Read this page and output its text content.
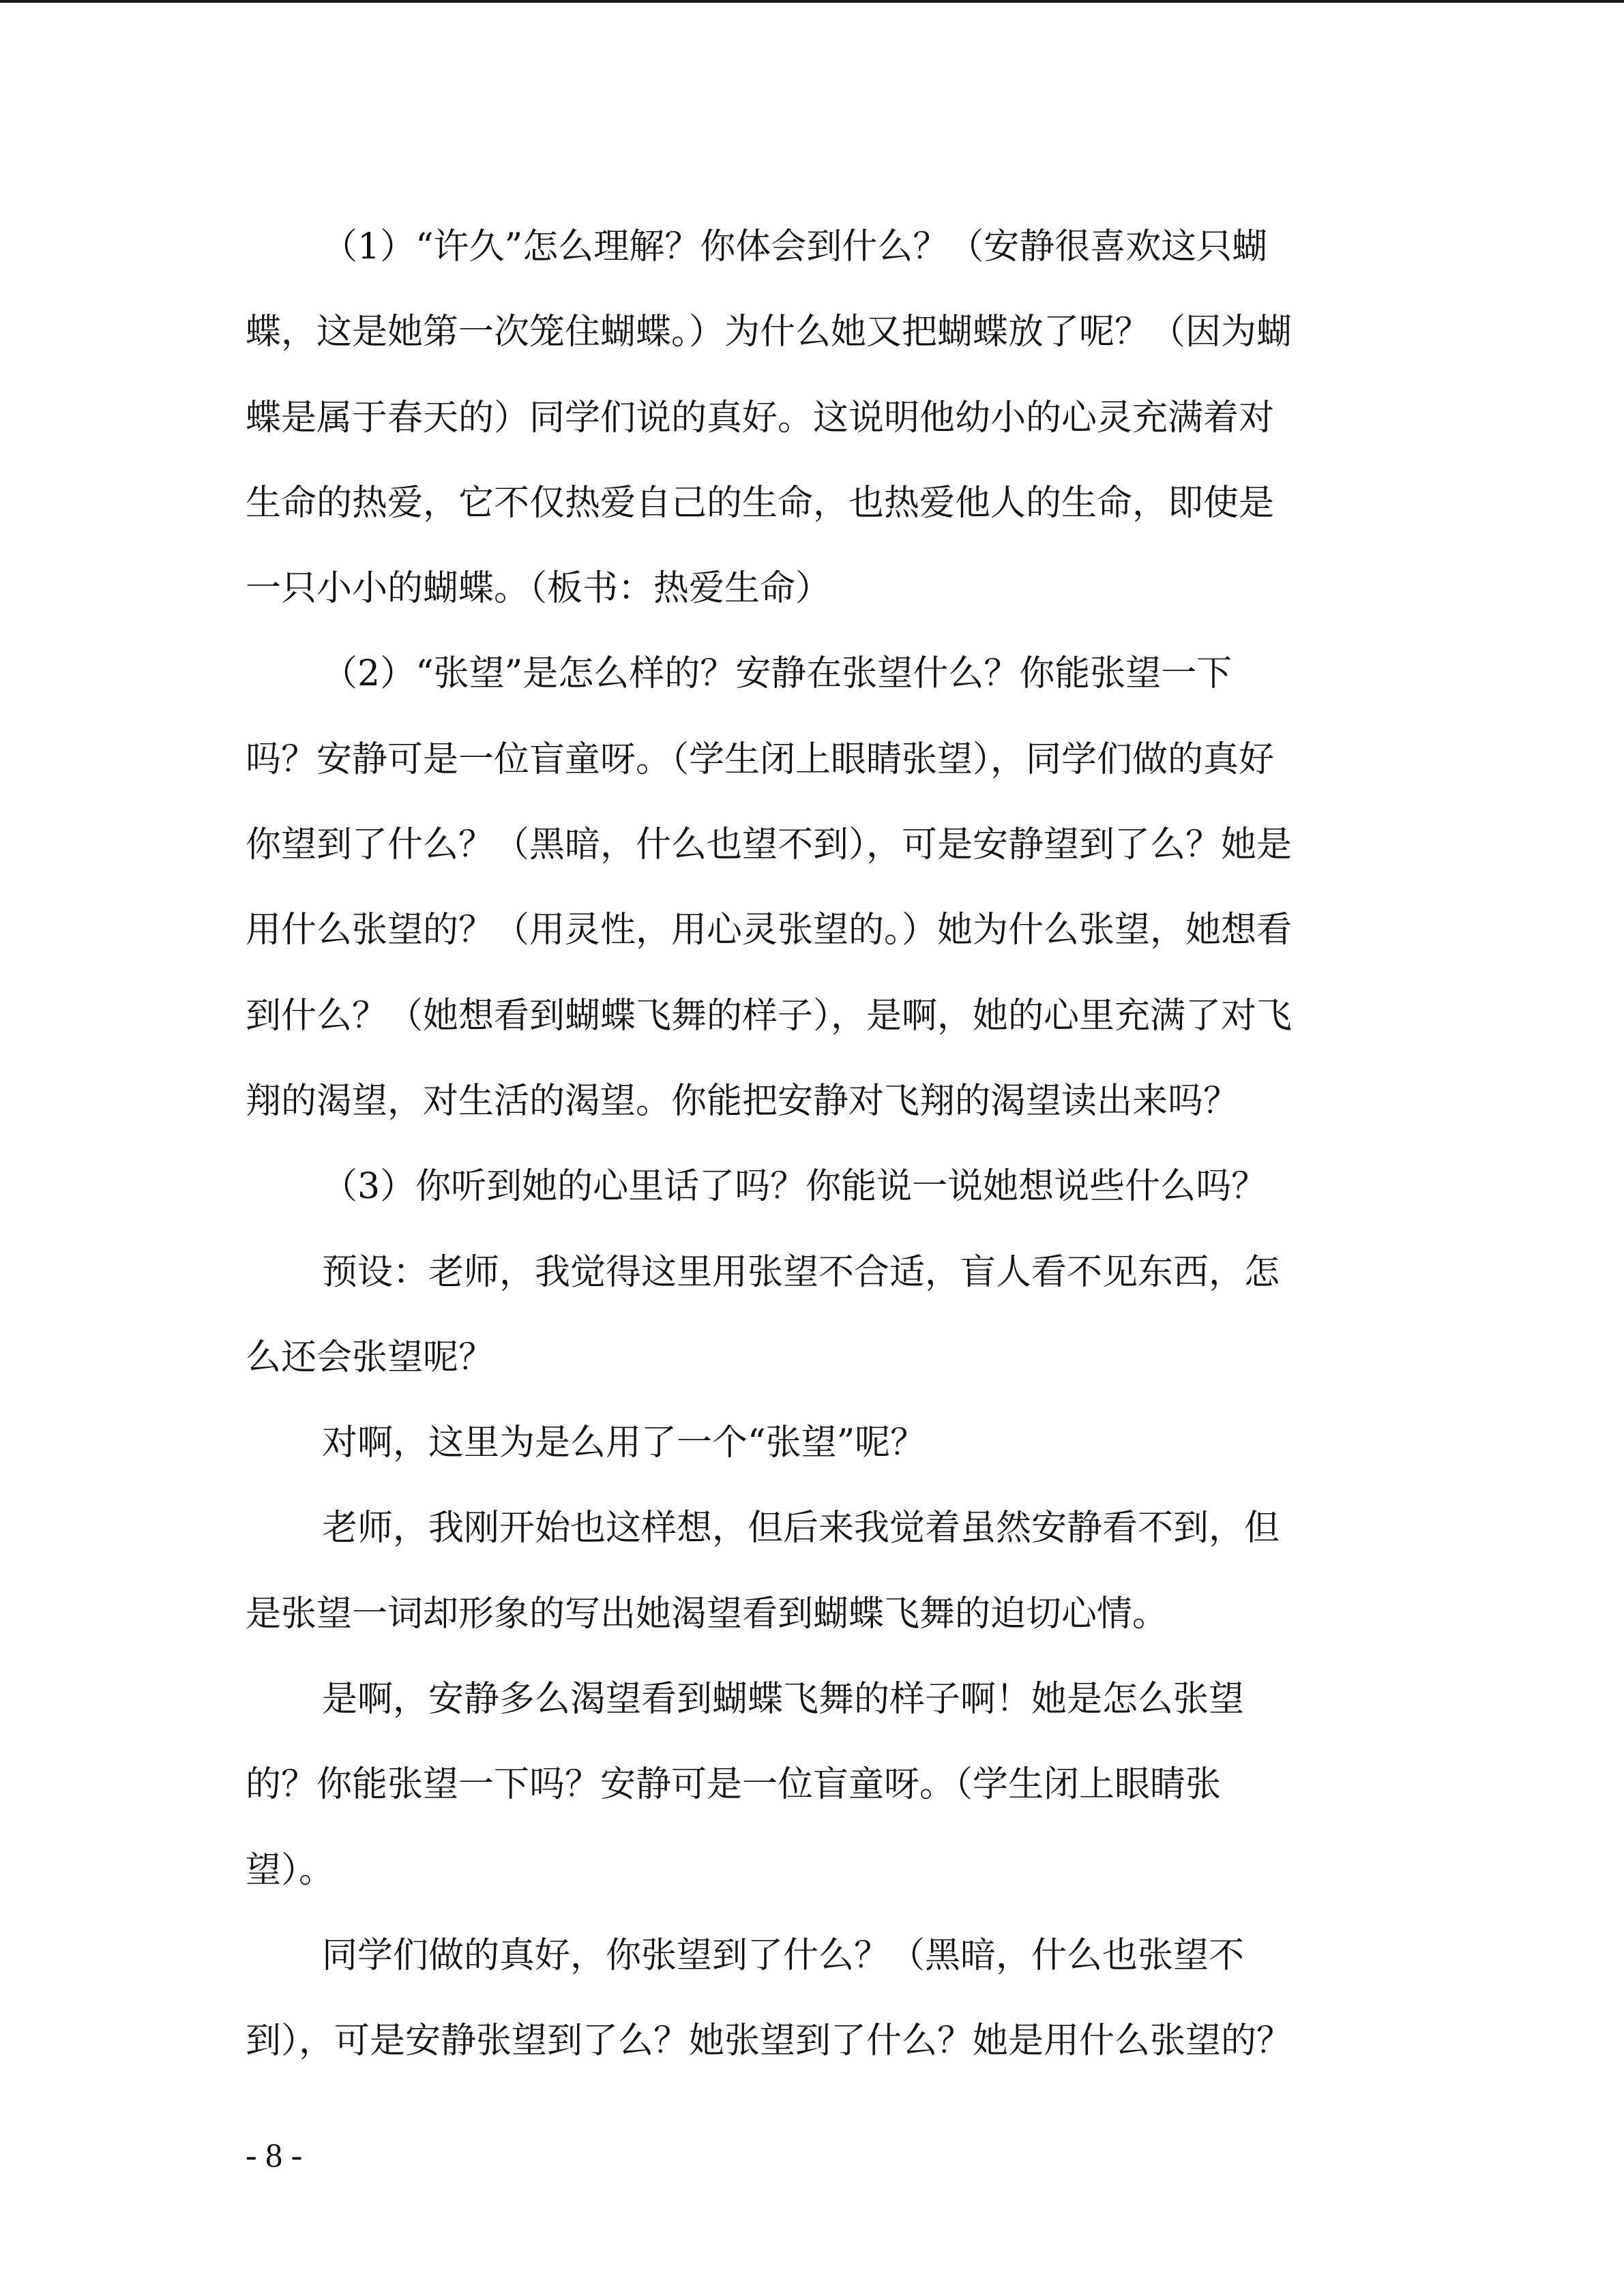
（1）“许久”怎么理解？你体会到什么？（安静很喜欢这只蝴
蝶，这是她第一次笼住蝴蝶。）为什么她又把蝴蝶放了呢？（因为蝴
蝶是属于春天的）同学们说的真好。这说明他幼小的心灵充满着对
生命的热爱，它不仅热爱自己的生命，也热爱他人的生命，即使是
一只小小的蝴蝶。（板书：热爱生命）
（2）“张望”是怎么样的？安静在张望什么？你能张望一下
吗？安静可是一位盲童呀。（学生闭上眼睛张望），同学们做的真好
你望到了什么？（黑暗，什么也望不到），可是安静望到了么？她是
用什么张望的？（用灵性，用心灵张望的。）她为什么张望，她想看
到什么？（她想看到蝴蝶飞舞的样子），是啊，她的心里充满了对飞
翔的渴望，对生活的渴望。你能把安静对飞翔的渴望读出来吗？
（3）你听到她的心里话了吗？你能说一说她想说些什么吗？
预设：老师，我觉得这里用张望不合适，盲人看不见东西，怎
么还会张望呢？
对啊，这里为是么用了一个“张望”呢？
老师，我刚开始也这样想，但后来我觉着虽然安静看不到，但
是张望一词却形象的写出她渴望看到蝴蝶飞舞的迫切心情。
是啊，安静多么渴望看到蝴蝶飞舞的样子啊！她是怎么张望
的？你能张望一下吗？安静可是一位盲童呀。（学生闭上眼睛张
望）。
同学们做的真好，你张望到了什么？（黑暗，什么也张望不
到），可是安静张望到了么？她张望到了什么？她是用什么张望的？
- 8 -
